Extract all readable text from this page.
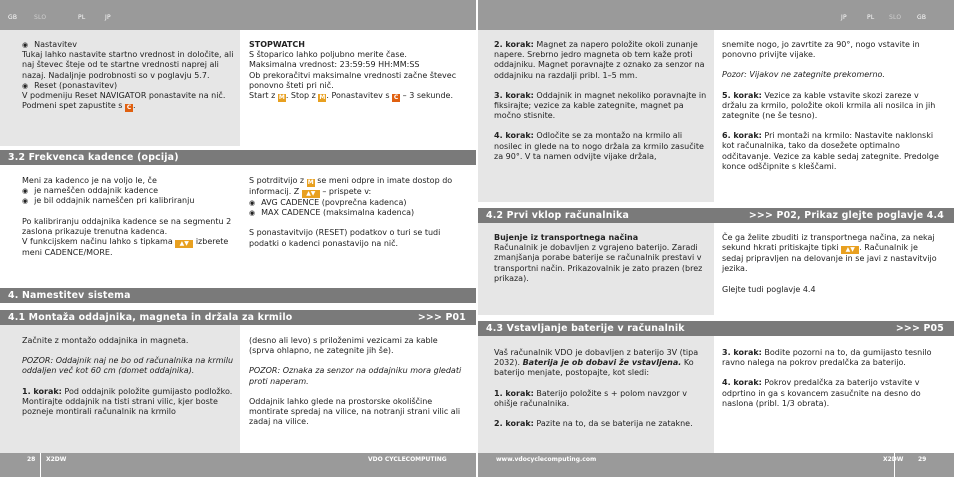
GB	SLO	PL	JP	JP	PL SLO	GB
◉ Nastavitev
Tukaj lahko nastavite startno vrednost in določite, ali naj števec šteje od te startne vrednosti naprej ali nazaj. Nadaljnje podrobnosti so v poglavju 5.7.
◉ Reset (ponastavitev)
V podmeniju Reset NAVIGATOR ponastavite na nič. Podmeni spet zapustite s C .
STOPWATCH
S štoparico lahko poljubno merite čase.
Maksimalna vrednost: 23:59:59 HH:MM:SS
Ob prekoračitvi maksimalne vrednosti začne števec ponovno šteti pri nič.
Start z M. Stop z M. Ponastavitev s C – 3 sekunde.
3.2 Frekvenca kadence (opcija)
Meni za kadenco je na voljo le, če
◉ je nameščen oddajnik kadence
◉ je bil oddajnik nameščen pri kalibriranju
Po kalibriranju oddajnika kadence se na segmentu 2 zaslona prikazuje trenutna kadenca.
V funkcijskem načinu lahko s tipkama ▲▼ izberete meni CADENCE/MORE.
S potrditvijo z M se meni odpre in imate dostop do informacij. Z ▲▼ – prispete v:
◉ AVG CADENCE (povprečna kadenca)
◉ MAX CADENCE (maksimalna kadenca)
S ponastavitvijo (RESET) podatkov o turi se tudi podatki o kadenci ponastavijo na nič.
4. Namestitev sistema
4.1 Montaža oddajnika, magneta in držala za krmilo	>>> P01
Začnite z montažo oddajnika in magneta.
POZOR: Oddajnik naj ne bo od računalnika na krmilu oddaljen več kot 60 cm (domet oddajnika).
1. korak: Pod oddajnik položite gumijasto podložko. Montirajte oddajnik na tisti strani vilic, kjer boste pozneje montirali računalnik na krmilo
(desno ali levo) s priloženimi vezicami za kable (sprva ohlapno, ne zategnite jih še).
POZOR: Oznaka za senzor na oddajniku mora gledati proti naperam.
Oddajnik lahko glede na prostorske okoliščine montirate spredaj na vilice, na notranji strani vilic ali zadaj na vilice.
2. korak: Magnet za napero položite okoli zunanje napere. Srebrno jedro magneta ob tem kaže proti oddajniku. Magnet poravnajte z oznako za senzor na oddajniku na razdalji pribl. 1–5 mm.
3. korak: Oddajnik in magnet nekoliko poravnajte in fiksirajte; vezice za kable zategnite, magnet pa močno stisnite.
4. korak: Odločite se za montažo na krmilo ali nosilec in glede na to nogo držala za krmilo zasučite za 90°. V ta namen odvijte vijake držala,
snemite nogo, jo zavrtite za 90°, nogo vstavite in ponovno privijte vijake.
Pozor: Vijakov ne zategnite prekomerno.
5. korak: Vezice za kable vstavite skozi zareze v držalu za krmilo, položite okoli krmila ali nosilca in jih zategnite (ne še tesno).
6. korak: Pri montaži na krmilo: Nastavite naklonski kot računalnika, tako da dosežete optimalno odčitavanje. Vezice za kable sedaj zategnite. Predolge konce odščipnite s kleščami.
4.2 Prvi vklop računalnika	>>> P02, Prikaz glejte poglavje 4.4
Bujenje iz transportnega načina
Računalnik je dobavljen z vgrajeno baterijo. Zaradi zmanjšanja porabe baterije se računalnik prestavi v transportni način. Prikazovalnik je zato prazen (brez prikaza).
Če ga želite zbuditi iz transportnega načina, za nekaj sekund hkrati pritiskajte tipki ▲▼ . Računalnik je sedaj pripravljen na delovanje in se javi z nastavitvijo jezika.
Glejte tudi poglavje 4.4
4.3 Vstavljanje baterije v računalnik	>>> P05
Vaš računalnik VDO je dobavljen z baterijo 3V (tipa 2032). Baterija je ob dobavi že vstavljena. Ko baterijo menjate, postopajte, kot sledi:
1. korak: Baterijo položite s + polom navzgor v ohišje računalnika.
2. korak: Pazite na to, da se baterija ne zatakne.
3. korak: Bodite pozorni na to, da gumijasto tesnilo ravno nalega na pokrov predalčka za baterijo.
4. korak: Pokrov predalčka za baterijo vstavite v odprtino in ga s kovancem zasučnite na desno do naslona (pribl. 1/3 obrata).
28 X2DW	VDO CYCLECOMPUTING	www.vdocyclecomputing.com	X2DW 29
